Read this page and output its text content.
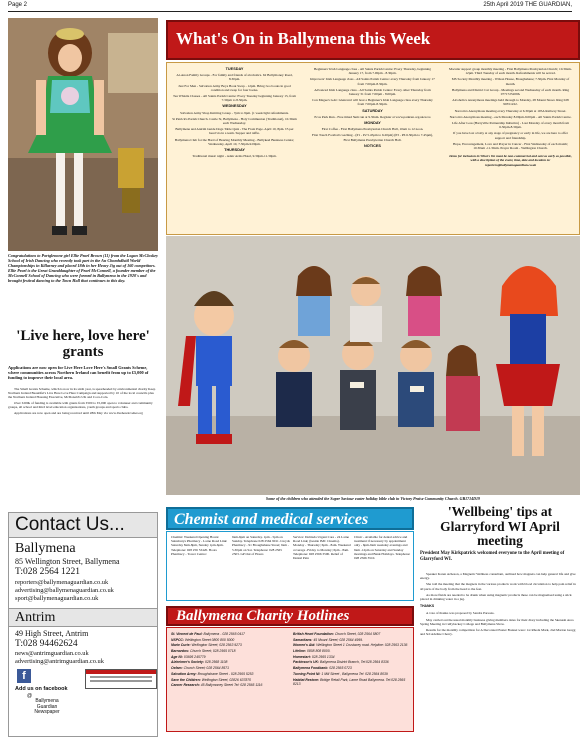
Page 2	25th April 2019 THE GUARDIAN,
Congratulations to Portglenone girl Ellie Pearl Brown (11) from the Logan McCloskey School of Irish Dancing who recently took part in the An Chomhdháil World Championships in Killarney and placed 18th in her Heavy Jig out of 160 competitors. Ellie Pearl is the Great Granddaughter of Pearl McConnell, a founder member of the McConnell School of Dancing who were formed in Ballymena in the 1920's and brought festival dancing to the Town Hall that continues to this day.
'Live here, love here' grants
Applications are now open for Live Here Love Here's Small Grants Scheme, where communities across Northern Ireland can benefit from up to £5,000 of funding to improve their local area.

The Small Grants Scheme, which is now in its sixth year, is spearheaded by environmental charity Keep Northern Ireland Beautiful's Live Here Love Here Campaign and supported by 10 of the local councils plus the Northern Ireland Housing Executive, McDonald's UK and Coca-Cola.

Over £200k of funding is available with grants from £500 to £5,000 open to volunteer and community groups, all school and third level education organisations, youth groups and sports clubs.

Applications are now open and are being received until 28th May via www.livehereloveher.org

Contact Us...
Ballymena
85 Wellington Street, Ballymena
T:028 2564 1221
reporters@ballymenaguardian.co.uk
advertising@ballymenaguardian.co.uk
sport@ballymenaguardian.co.uk
Antrim
49 High Street, Antrim
T:028 94462624
news@antrimguardian.co.uk
advertising@antrimguardian.co.uk
f
Add us on facebook
@
Ballymena Guardian Newspaper
What's On in Ballymena this Week

TUESDAY

Al-Anon Family Groups - For family and friends of alcoholics. 62 Ballymoney Road, 8.30pm.

Just For Men - Salvation Army Boys Book Swap - 12pm. Bring two books in good condition and swap for four books.

Tea Whistle Classes - All Saints Parish Centre: Every Tuesday beginning January 15, from 7.30pm to 8.30pm.

WEDNESDAY

Salvation Army Shop Knitting Group - 7pm to 9pm. (1 week light refreshments.

St Patrick's Parish Church. Castle St, Ballymena - Holy Communion (Traditional), 10.30am each Wednesday.

Ballymena and Antrim Guide Dogs Table Quiz - The Front Page. April 10, 8pm. £5 per head via in a team. Supper and raffle.

Ballymena Club for the Hard of Hearing Monthly Meeting - Ballykeel Business Centre; Wednesday, April 10, 7.30pm-9.00pm.

THURSDAY

Traditional music night - Adair Arms Hotel, 9.30pm-11.30pm.

Beginners' Irish Language class - All Saints Parish Centre: Every Thursday, beginning January 17, from 7.00pm - 8.30pm.

Improvers' Irish Language class - All Saints Parish Centre: every Thursday from January 17 from 7.00pm-8.30pm.

Advanced Irish Language class - All Saints Parish Centre: Every other Thursday from January 31 from 7.00pm - 8.00pm.

Con Magee's GAC Glenravel will host a Beginner's Irish Language class every Thursday from 7.00pm-8.30pm.

SATURDAY

Ecos Park Run - Free timed 5km run at 9.30am. Register at www.parkrun.org.uk/ecos

MONDAY

First Coffee - First Ballymena Presbyterian Church Hall, 10am to 12 noon.

First Touch Football coaching - (P1 - P2 5.45pm to 6.20pm) (P3 - P6 6.30pm to 7.45pm), First Ballymena Presbyterian Church Hall.

NOTICES

Macular support group monthly meeting - First Ballymena Presbyterian Church; 10.30am-12pm. Third Tuesday of each month. Refreshments will be served.

MS Society Monthly meeting - Wilson House, Broughshane; 7.30pm. First Monday of month.

Ballymena and District Cat Group - Meetings second Wednesday of each month. Ring 07717252096.

Alcoholics Anonymous meetings held through to Monday, 28 Mount Street. Ring 028 90351222.

Narcotics Anonymous meeting every Thursday at 6.30pm at 105A Railway Street.

Narcotics Anonymous meeting - each Monday 8.00pm-9.00pm - All Saints Parish Centre.

Life After Loss (Harryville Partnership Initiative) - Last Monday of every month from 6.30pm-8.30pm.

If you have lost a baby at any stage of pregnancy or early in life, we are here to offer support and friendship.

Hope, Encouragement, Love and Prayer in Cancer - First Wednesday of each month; 10.30am -11.30am. Prayer Room - Wellington Church.

Items for inclusion in What's On must be non-commercial and sent as early as possible, with a description of the event, time, date and location to: reporters@ballymenaguardian.co.uk

Some of the children who attended the Super Saviour easter holiday bible club in Victory Praise Community Church. GB1714D19
Chemist and medical services
Chemist: Weekend Opening Hours: Sainsburys Pharmacy - Larne Road Link: Saturday 8am-8pm, Sunday 1pm-6pm. Telephone: 028 256 53420. Boots Pharmacy - Tower Centre:
9am-6pm on Saturday. 1pm - 5pm on Sunday. Telephone 028 2564 9011. Lloyds Pharmacy - 91 Broughshane Street; 9am - 5.30pm on Sat. Telephone: 028 2565 2503. GP Out of Hours
Service: Dalriada Urgent Care - 24 Larne Road Link; (beside IMC Cinema). Monday - Thursday; 6pm - 8am. Weekend coverage -Friday to Monday; 6pm - 8am. Telephone: 028 2566 3500. Relief of Dental Pain
Clinic - Available for dental advice and treatment if necessary by appointment only - 6pm-9am weekday evenings and 9am -12pm on Saturday and Sunday mornings and Bank Holidays. Telephone: 028 2566 3510.
Ballymena Charity Hotlines

St. Vincent de Paul: Ballymena - 028 2565 0417

NSPCC: Wellington Street 0800 800 5000

Marie Curie: Wellington Street; 028 2563 9273

Barnardos: Church Street; 028 2565 0718

Age NI: 03695 245779

Alzheimer's Society: 028 2568 1108

Oxfam: Church Street; 028 2564 8571

Salvation Army: Broughshane Street - 028 2565 5253

Save the Children: Wellington Street, 02826 637870

Cancer Research: 45 Ballymoney Street Tel: 028 2565 1116

British Heart Foundation: Church Street, 028 2564 5807

Samaritans: 45 Mount Street; 028 2564 4999.

Women's Aid: Wellington Street 1 Crustacey road. Helpline: 028 2563 2136

Lifeline: 0808 808 8000.

Homestart: 028 2565 1334

Parkinson's UK: Ballymena District Branch, Tel:028 2564 8336

Ballymena Foodbank: 028 2565 0723

Turning Point NI: 1 Mill Street , Ballymena Tel: 028 2564 8039

Habitat Restore: Bridge Retail Park, Larne Road Ballymena. Tel:028 2565 8213

'Wellbeing' tips at Glarryford WI April meeting
President May Kirkpatrick welcomed everyone to the April meeting of Glarryford WI.

Speaker Karen Acheson, a Magnetic Wellness consultant, outlined how magnets can help general life and give energy.

She told the meeting that the magnets in the various products work with blood circulation to help pain relief in all parts of the body from the head to the feet.

As more fluids are needed to be drunk when using magnetic products these can be magnetised using a stick placed in drinking water in a jug.

THANKS

A vote of thanks was proposed by Sandra Parsons.

May carried out the usual monthly business giving members dates for their diary including the Skenash Area Spring Meeting in Cullybackey College and Ballymena Show.

Results for the monthly competition for A Decorated Easter Bonnet were: 1st Rhoda Mark, 2nd Marion Gregg and 3rd Adeline Cherry.
